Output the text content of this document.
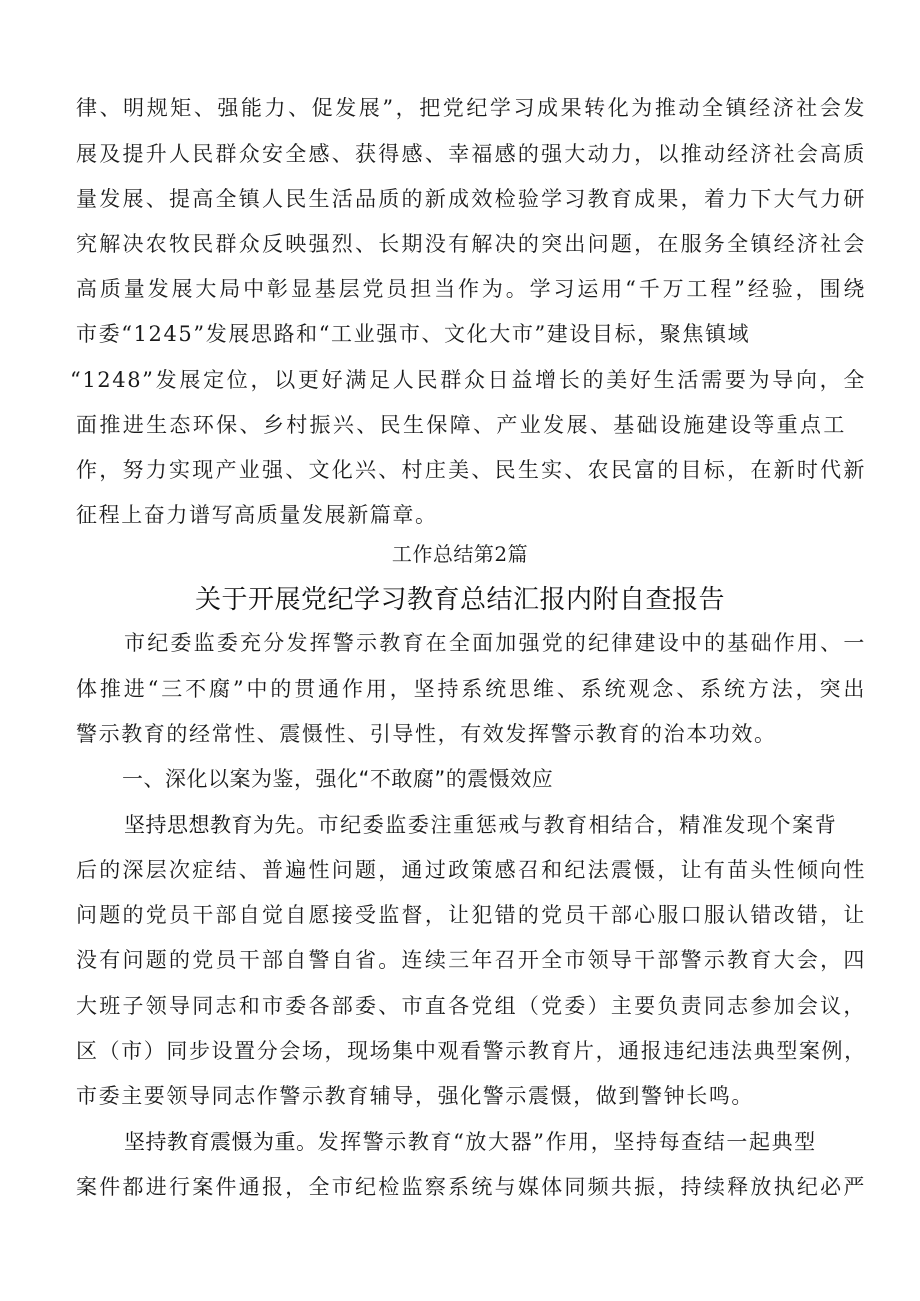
律、明规矩、强能力、促发展”，把党纪学习成果转化为推动全镇经济社会发
展及提升人民群众安全感、获得感、幸福感的强大动力，以推动经济社会高质
量发展、提高全镇人民生活品质的新成效检验学习教育成果，着力下大气力研
究解决农牧民群众反映强烈、长期没有解决的突出问题，在服务全镇经济社会
高质量发展大局中彰显基层党员担当作为。学习运用“千万工程”经验，围绕
市委“1245”发展思路和“工业强市、文化大市”建设目标，聚焦镇域
“1248”发展定位，以更好满足人民群众日益增长的美好生活需要为导向，全
面推进生态环保、乡村振兴、民生保障、产业发展、基础设施建设等重点工
作，努力实现产业强、文化兴、村庄美、民生实、农民富的目标，在新时代新
征程上奋力谱写高质量发展新篇章。
工作总结第2篇
关于开展党纪学习教育总结汇报内附自查报告
市纪委监委充分发挥警示教育在全面加强党的纪律建设中的基础作用、一
体推进“三不腐”中的贯通作用，坚持系统思维、系统观念、系统方法，突出
警示教育的经常性、震慑性、引导性，有效发挥警示教育的治本功效。
一、深化以案为鉴，强化“不敢腐”的震慑效应
坚持思想教育为先。市纪委监委注重惩戒与教育相结合，精准发现个案背
后的深层次症结、普遍性问题，通过政策感召和纪法震慑，让有苗头性倾向性
问题的党员干部自觉自愿接受监督，让犯错的党员干部心服口服认错改错，让
没有问题的党员干部自警自省。连续三年召开全市领导干部警示教育大会，四
大班子领导同志和市委各部委、市直各党组（党委）主要负责同志参加会议，
区（市）同步设置分会场，现场集中观看警示教育片，通报违纪违法典型案例，
市委主要领导同志作警示教育辅导，强化警示震慑，做到警钟长鸣。
坚持教育震慑为重。发挥警示教育“放大器”作用，坚持每查结一起典型
案件都进行案件通报，全市纪检监察系统与媒体同频共振，持续释放执纪必严
